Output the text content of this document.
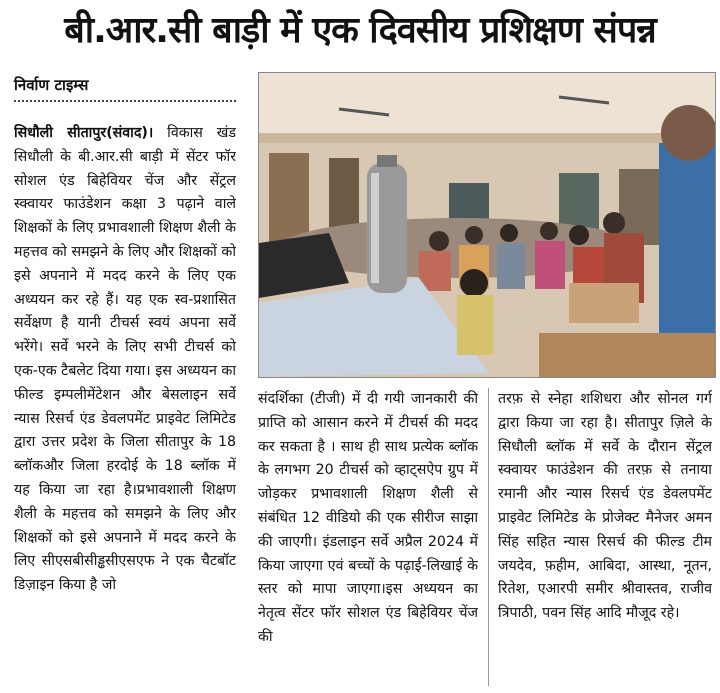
बी.आर.सी बाड़ी में एक दिवसीय प्रशिक्षण संपन्न
निर्वाण टाइम्स

सिधौली सीतापुर(संवाद)। विकास खंड सिधौली के बी.आर.सी बाड़ी में सेंटर फॉर सोशल एंड बिहेवियर चेंज और सेंट्रल स्क्वायर फाउंडेशन कक्षा 3 पढ़ाने वाले शिक्षकों के लिए प्रभावशाली शिक्षण शैली के महत्तव को समझने के लिए और शिक्षकों को इसे अपनाने में मदद करने के लिए एक अध्ययन कर रहे हैं। यह एक स्व-प्रशासित सर्वेक्षण है यानी टीचर्स स्वयं अपना सर्वे भरेंगे। सर्वे भरने के लिए सभी टीचर्स को एक-एक टैबलेट दिया गया। इस अध्ययन का फील्ड इम्पलीमेंटेशन और बेसलाइन सर्वे न्यास रिसर्च एंड डेवलपमेंट प्राइवेट लिमिटेड द्वारा उत्तर प्रदेश के जिला सीतापुर के 18 ब्लॉकऔर जिला हरदोई के 18 ब्लॉक में यह किया जा रहा है।प्रभावशाली शिक्षण शैली के महत्तव को समझने के लिए और शिक्षकों को इसे अपनाने में मदद करने के लिए सीएसबीसीड्ढसीएसएफ ने एक चैटबॉट डिज़ाइन किया है जो

संदर्शिका (टीजी) में दी गयी जानकारी की प्राप्ति को आसान करने में टीचर्स की मदद कर सकता है । साथ ही साथ प्रत्येक ब्लॉक के लगभग 20 टीचर्स को व्हाट्सऐप ग्रुप में जोड़कर प्रभावशाली शिक्षण शैली से संबंधित 12 वीडियो की एक सीरीज साझा की जाएगी। इंडलाइन सर्वे अप्रैल 2024 में किया जाएगा एवं बच्चों के पढ़ाई-लिखाई के स्तर को मापा जाएगा।इस अध्ययन का नेतृत्व सेंटर फॉर सोशल एंड बिहेवियर चेंज की

तरफ़ से स्नेहा शशिधरा और सोनल गर्ग द्वारा किया जा रहा है। सीतापुर ज़िले के सिधौली ब्लॉक में सर्वे के दौरान सेंट्रल स्क्वायर फाउंडेशन की तरफ़ से तनाया रमानी और न्यास रिसर्च एंड डेवलपमेंट प्राइवेट लिमिटेड के प्रोजेक्ट मैनेजर अमन सिंह सहित न्यास रिसर्च की फील्ड टीम जयदेव, फ़हीम, आबिदा, आस्था, नूतन, रितेश, एआरपी समीर श्रीवास्तव, राजीव त्रिपाठी, पवन सिंह आदि मौजूद रहे।
